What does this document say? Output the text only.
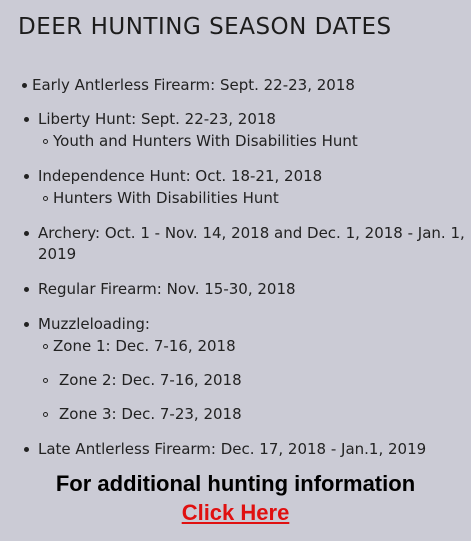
DEER HUNTING SEASON DATES
Early Antlerless Firearm: Sept. 22-23, 2018
Liberty Hunt: Sept. 22-23, 2018
Youth and Hunters With Disabilities Hunt
Independence Hunt: Oct. 18-21, 2018
Hunters With Disabilities Hunt
Archery: Oct. 1 - Nov. 14, 2018 and Dec. 1, 2018 - Jan. 1,
2019
Regular Firearm: Nov. 15-30, 2018
Muzzleloading:
Zone 1: Dec. 7-16, 2018
Zone 2: Dec. 7-16, 2018
Zone 3: Dec. 7-23, 2018
Late Antlerless Firearm: Dec. 17, 2018 - Jan.1, 2019
For additional hunting information
Click Here
